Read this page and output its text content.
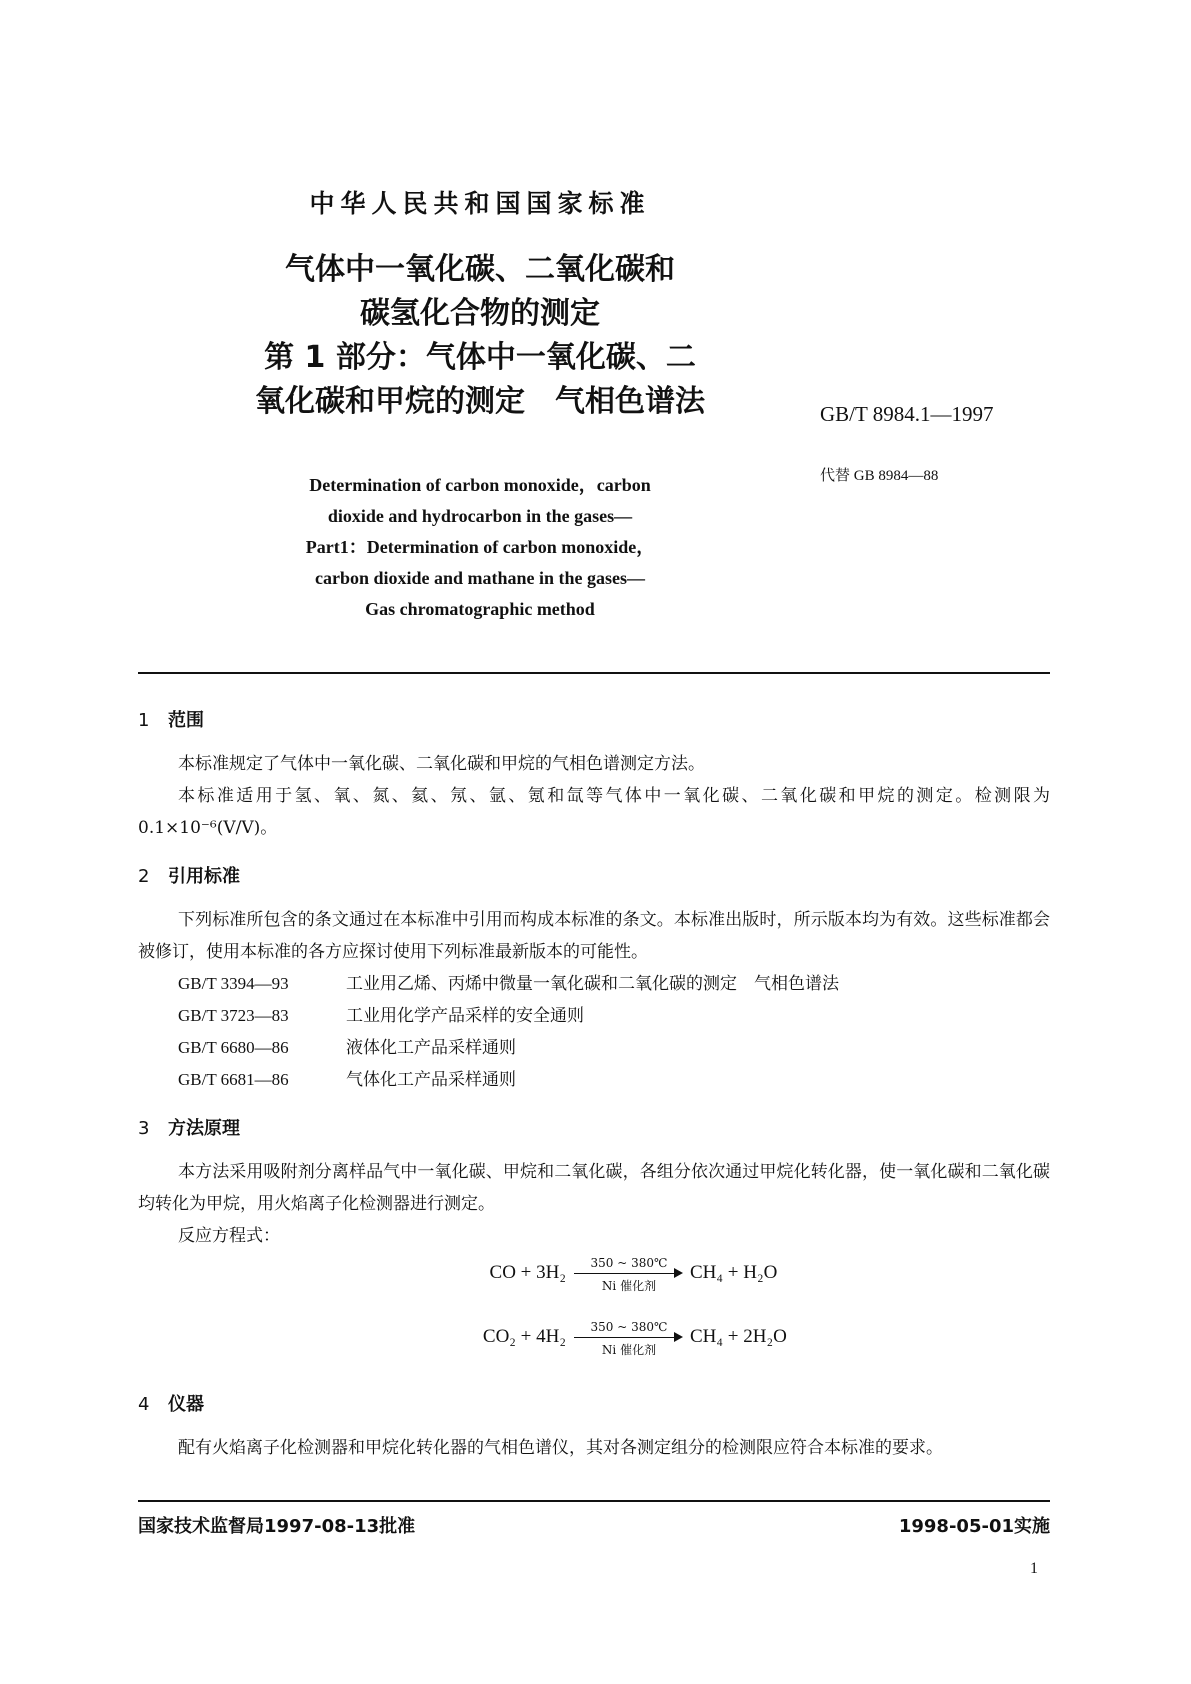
中华人民共和国国家标准
气体中一氧化碳、二氧化碳和
碳氢化合物的测定
第 1 部分：气体中一氧化碳、二
氧化碳和甲烷的测定　气相色谱法	GB/T 8984.1—1997
代替 GB 8984—88
Determination of carbon monoxide，carbon
dioxide and hydrocarbon in the gases—
Part1：Determination of carbon monoxide，
carbon dioxide and mathane in the gases—
Gas chromatographic method
1 范围
本标准规定了气体中一氧化碳、二氧化碳和甲烷的气相色谱测定方法。
本标准适用于氢、氧、氮、氦、氖、氩、氪和氙等气体中一氧化碳、二氧化碳和甲烷的测定。检测限为 0.1×10⁻⁶(V/V)。
2 引用标准
下列标准所包含的条文通过在本标准中引用而构成本标准的条文。本标准出版时，所示版本均为有效。这些标准都会被修订，使用本标准的各方应探讨使用下列标准最新版本的可能性。
GB/T 3394—93	工业用乙烯、丙烯中微量一氧化碳和二氧化碳的测定　气相色谱法
GB/T 3723—83	工业用化学产品采样的安全通则
GB/T 6680—86	液体化工产品采样通则
GB/T 6681—86	气体化工产品采样通则
3 方法原理
本方法采用吸附剂分离样品气中一氧化碳、甲烷和二氧化碳，各组分依次通过甲烷化转化器，使一氧化碳和二氧化碳均转化为甲烷，用火焰离子化检测器进行测定。
反应方程式：
CO + 3H₂	350 ~ 380℃
Ni 催化剂
CH₄ + H₂O
CO₂ + 4H₂	350 ~ 380℃
Ni 催化剂
CH₄ + 2H₂O
4 仪器
配有火焰离子化检测器和甲烷化转化器的气相色谱仪，其对各测定组分的检测限应符合本标准的要求。
国家技术监督局1997-08-13批准	1998-05-01实施
1
